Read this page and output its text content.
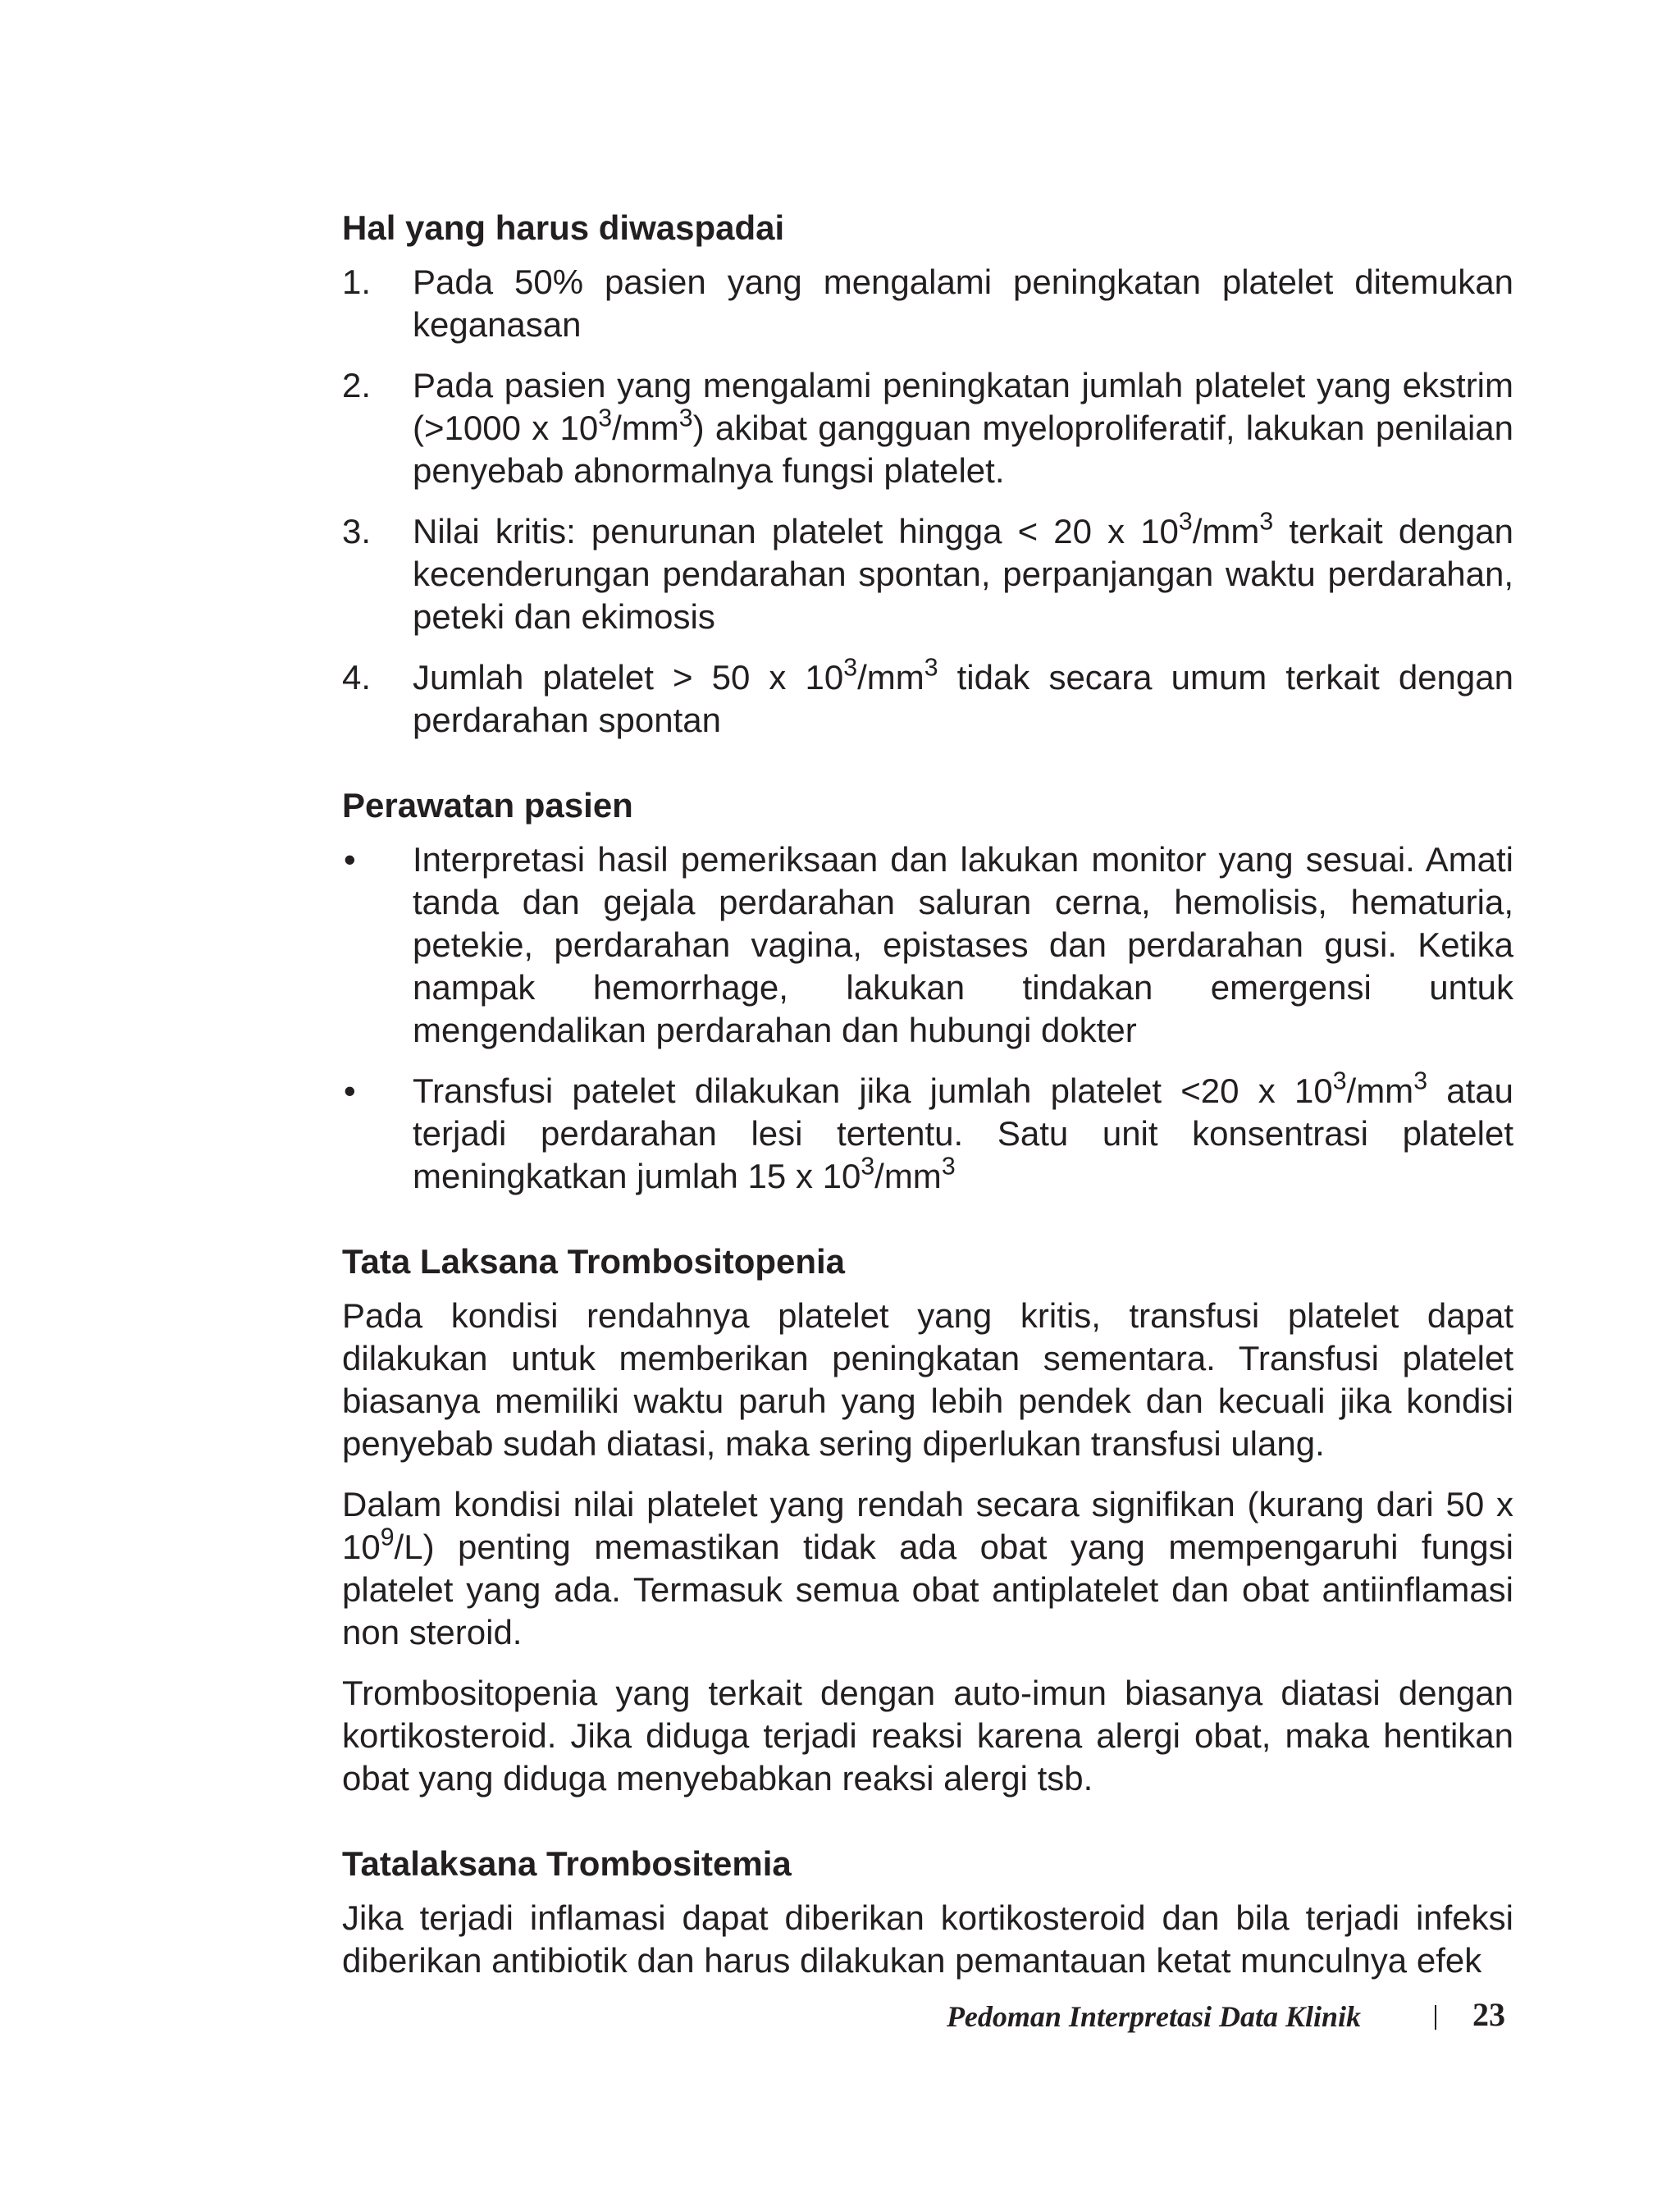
Hal yang harus diwaspadai
1. Pada 50% pasien yang mengalami peningkatan platelet ditemukan keganasan
2. Pada pasien yang mengalami peningkatan jumlah platelet yang ekstrim (>1000 x $10^3/mm^3$) akibat gangguan myeloproliferatif, lakukan penilaian penyebab abnormalnya fungsi platelet.
3. Nilai kritis: penurunan platelet hingga < 20 x $10^3/mm^3$ terkait dengan kecenderungan pendarahan spontan, perpanjangan waktu perdarahan, peteki dan ekimosis
4. Jumlah platelet > 50 x $10^3/mm^3$ tidak secara umum terkait dengan perdarahan spontan
Perawatan pasien
• Interpretasi hasil pemeriksaan dan lakukan monitor yang sesuai. Amati tanda dan gejala perdarahan saluran cerna, hemolisis, hematuria, petekie, perdarahan vagina, epistases dan perdarahan gusi. Ketika nampak hemorrhage, lakukan tindakan emergensi untuk mengendalikan perdarahan dan hubungi dokter
• Transfusi patelet dilakukan jika jumlah platelet <20 x $10^3/mm^3$ atau terjadi perdarahan lesi tertentu. Satu unit konsentrasi platelet meningkatkan jumlah 15 x $10^3/mm^3$
Tata Laksana Trombositopenia

Pada kondisi rendahnya platelet yang kritis, transfusi platelet dapat dilakukan untuk memberikan peningkatan sementara. Transfusi platelet biasanya memiliki waktu paruh yang lebih pendek dan kecuali jika kondisi penyebab sudah diatasi, maka sering diperlukan transfusi ulang.

Dalam kondisi nilai platelet yang rendah secara signifikan (kurang dari 50 x $10^9/L$) penting memastikan tidak ada obat yang mempengaruhi fungsi platelet yang ada. Termasuk semua obat antiplatelet dan obat antiinflamasi non steroid.

Trombositopenia yang terkait dengan auto-imun biasanya diatasi dengan kortikosteroid. Jika diduga terjadi reaksi karena alergi obat, maka hentikan obat yang diduga menyebabkan reaksi alergi tsb.

Tatalaksana Trombositemia

Jika terjadi inflamasi dapat diberikan kortikosteroid dan bila terjadi infeksi diberikan antibiotik dan harus dilakukan pemantauan ketat munculnya efek

Pedoman Interpretasi Data Klinik	23
